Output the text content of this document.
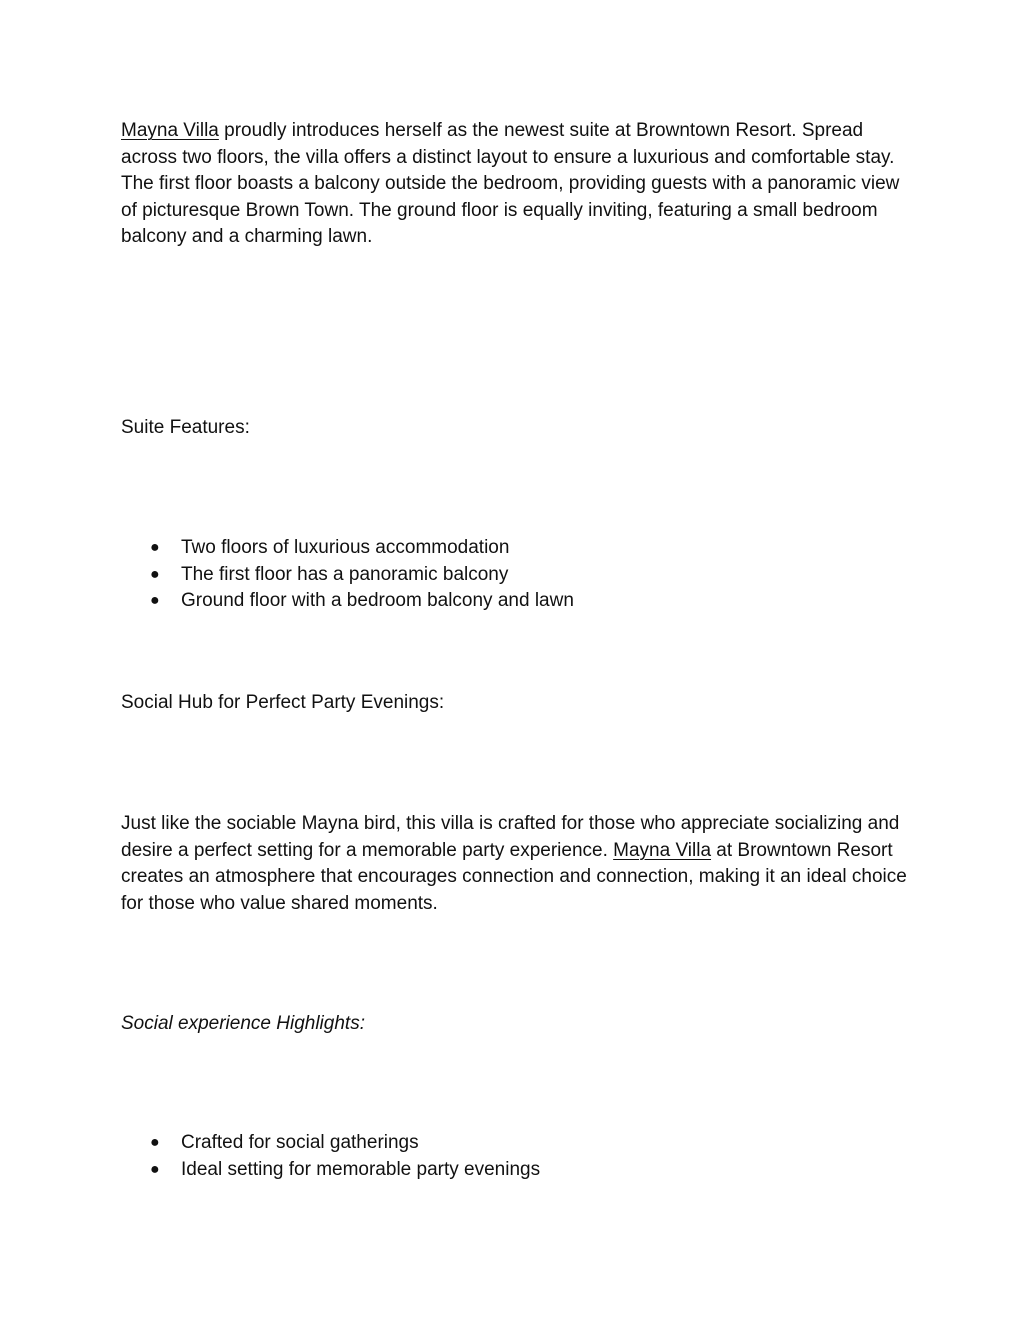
Mayna Villa proudly introduces herself as the newest suite at Browntown Resort. Spread across two floors, the villa offers a distinct layout to ensure a luxurious and comfortable stay. The first floor boasts a balcony outside the bedroom, providing guests with a panoramic view of picturesque Brown Town. The ground floor is equally inviting, featuring a small bedroom balcony and a charming lawn.

Suite Features:

● Two floors of luxurious accommodation
● The first floor has a panoramic balcony
● Ground floor with a bedroom balcony and lawn

Social Hub for Perfect Party Evenings:

Just like the sociable Mayna bird, this villa is crafted for those who appreciate socializing and desire a perfect setting for a memorable party experience. Mayna Villa at Browntown Resort creates an atmosphere that encourages connection and connection, making it an ideal choice for those who value shared moments.

Social experience Highlights:

● Crafted for social gatherings
● Ideal setting for memorable party evenings
